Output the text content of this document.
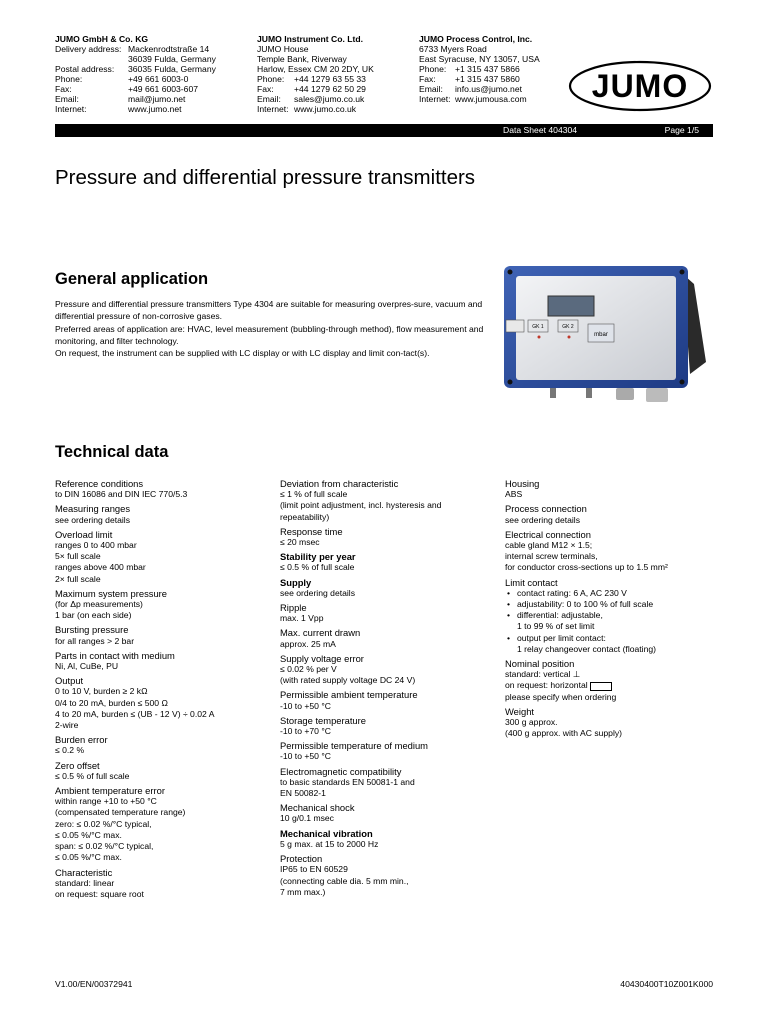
JUMO GmbH & Co. KG
Delivery address: Mackenrodtstraße 14
36039 Fulda, Germany
Postal address:	36035 Fulda, Germany
Phone:	+49 661 6003-0
Fax:	+49 661 6003-607
Email:	mail@jumo.net
Internet:	www.jumo.net
JUMO Instrument Co. Ltd.
JUMO House
Temple Bank, Riverway
Harlow, Essex CM 20 2DY, UK
Phone:	+44 1279 63 55 33
Fax:	+44 1279 62 50 29
Email:	sales@jumo.co.uk
Internet: www.jumo.co.uk
JUMO Process Control, Inc.
6733 Myers Road
East Syracuse, NY 13057, USA
Phone:	+1 315 437 5866
Fax:	+1 315 437 5860
Email:	info.us@jumo.net
Internet: www.jumousa.com JUMO
Data Sheet 404304	Page 1/5
Pressure and differential pressure transmitters
General application

Pressure and differential pressure transmitters Type 4304 are suitable for measuring overpres-sure, vacuum and differential pressure of non-corrosive gases.

Preferred areas of application are: HVAC, level measurement (bubbling-through method), flow measurement and monitoring, and filter technology.

On request, the instrument can be supplied with LC display or with LC display and limit con-tact(s).

GK 1	GK 2
mbar
Technical data
Reference conditions
to DIN 16086 and DIN IEC 770/5.3
Measuring ranges
see ordering details
Overload limit
ranges 0 to 400 mbar
5× full scale
ranges above 400 mbar
2× full scale
Maximum system pressure
(for Δp measurements)
1 bar (on each side)
Bursting pressure
for all ranges > 2 bar
Parts in contact with medium
Ni, Al, CuBe, PU
Output
0 to 10 V, burden ≥ 2 kΩ
0/4 to 20 mA, burden ≤ 500 Ω
4 to 20 mA, burden ≤ (UB - 12 V) ÷ 0.02 A
2-wire
Burden error
≤ 0.2 %
Zero offset
≤ 0.5 % of full scale
Ambient temperature error
within range +10 to +50 °C
(compensated temperature range)
zero: ≤ 0.02 %/°C typical,
≤ 0.05 %/°C max.
span: ≤ 0.02 %/°C typical,
≤ 0.05 %/°C max.
Characteristic
standard: linear
on request: square root
Deviation from characteristic
≤ 1 % of full scale
(limit point adjustment, incl. hysteresis and
repeatability)
Response time
≤ 20 msec
Stability per year
≤ 0.5 % of full scale
Supply
see ordering details
Ripple
max. 1 Vpp
Max. current drawn
approx. 25 mA
Supply voltage error
≤ 0.02 % per V
(with rated supply voltage DC 24 V)
Permissible ambient temperature
-10 to +50 °C
Storage temperature
-10 to +70 °C
Permissible temperature of medium
-10 to +50 °C
Electromagnetic compatibility
to basic standards EN 50081-1 and
EN 50082-1
Mechanical shock
10 g/0.1 msec
Mechanical vibration
5 g max. at 15 to 2000 Hz
Protection
IP65 to EN 60529
(connecting cable dia. 5 mm min.,
7 mm max.)
Housing
ABS
Process connection
see ordering details
Electrical connection
cable gland M12 × 1.5;
internal screw terminals,
for conductor cross-sections up to 1.5 mm²
Limit contact
• contact rating: 6 A, AC 230 V
• adjustability: 0 to 100 % of full scale
• differential: adjustable,
1 to 99 % of set limit
• output per limit contact:
1 relay changeover contact (floating)
Nominal position
standard: vertical ⊥
on request: horizontal
please specify when ordering
Weight
300 g approx.
(400 g approx. with AC supply)
V1.00/EN/00372941	40430400T10Z001K000
